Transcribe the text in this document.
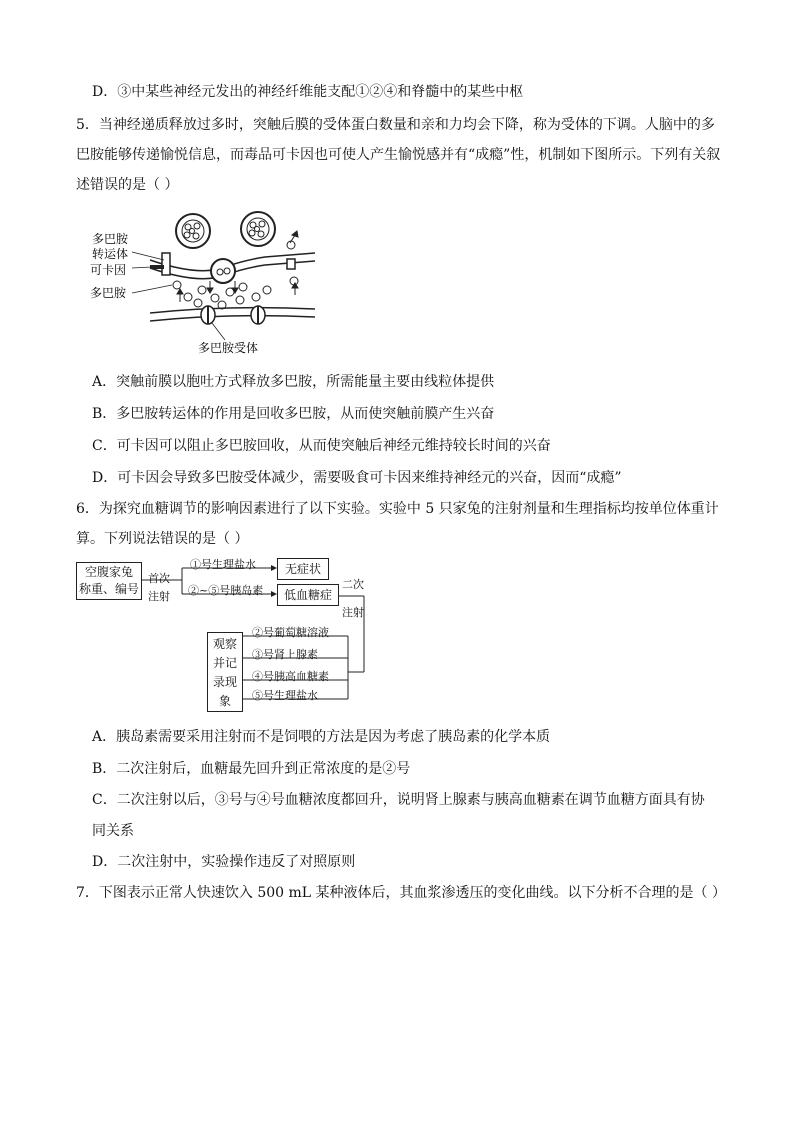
D．③中某些神经元发出的神经纤维能支配①②④和脊髓中的某些中枢
5．当神经递质释放过多时，突触后膜的受体蛋白数量和亲和力均会下降，称为受体的下调。人脑中的多
巴胺能够传递愉悦信息，而毒品可卡因也可使人产生愉悦感并有“成瘾”性，机制如下图所示。下列有关叙
述错误的是（ ）
多巴胺
转运体
可卡因
多巴胺
多巴胺受体
A．突触前膜以胞吐方式释放多巴胺，所需能量主要由线粒体提供
B．多巴胺转运体的作用是回收多巴胺，从而使突触前膜产生兴奋
C．可卡因可以阻止多巴胺回收，从而使突触后神经元维持较长时间的兴奋
D．可卡因会导致多巴胺受体减少，需要吸食可卡因来维持神经元的兴奋，因而“成瘾”
6．为探究血糖调节的影响因素进行了以下实验。实验中 5 只家兔的注射剂量和生理指标均按单位体重计
算。下列说法错误的是（ ）
空腹家兔
称重、编号
首次
注射
①号生理盐水
②~⑤号胰岛素
无症状
低血糖症
二次
注射
②号葡萄糖溶液
③号肾上腺素
④号胰高血糖素
⑤号生理盐水
观察
并记
录现
象
A．胰岛素需要采用注射而不是饲喂的方法是因为考虑了胰岛素的化学本质
B．二次注射后，血糖最先回升到正常浓度的是②号
C．二次注射以后，③号与④号血糖浓度都回升，说明肾上腺素与胰高血糖素在调节血糖方面具有协
同关系
D．二次注射中，实验操作违反了对照原则
7．下图表示正常人快速饮入 500 mL 某种液体后，其血浆渗透压的变化曲线。以下分析不合理的是（ ）
